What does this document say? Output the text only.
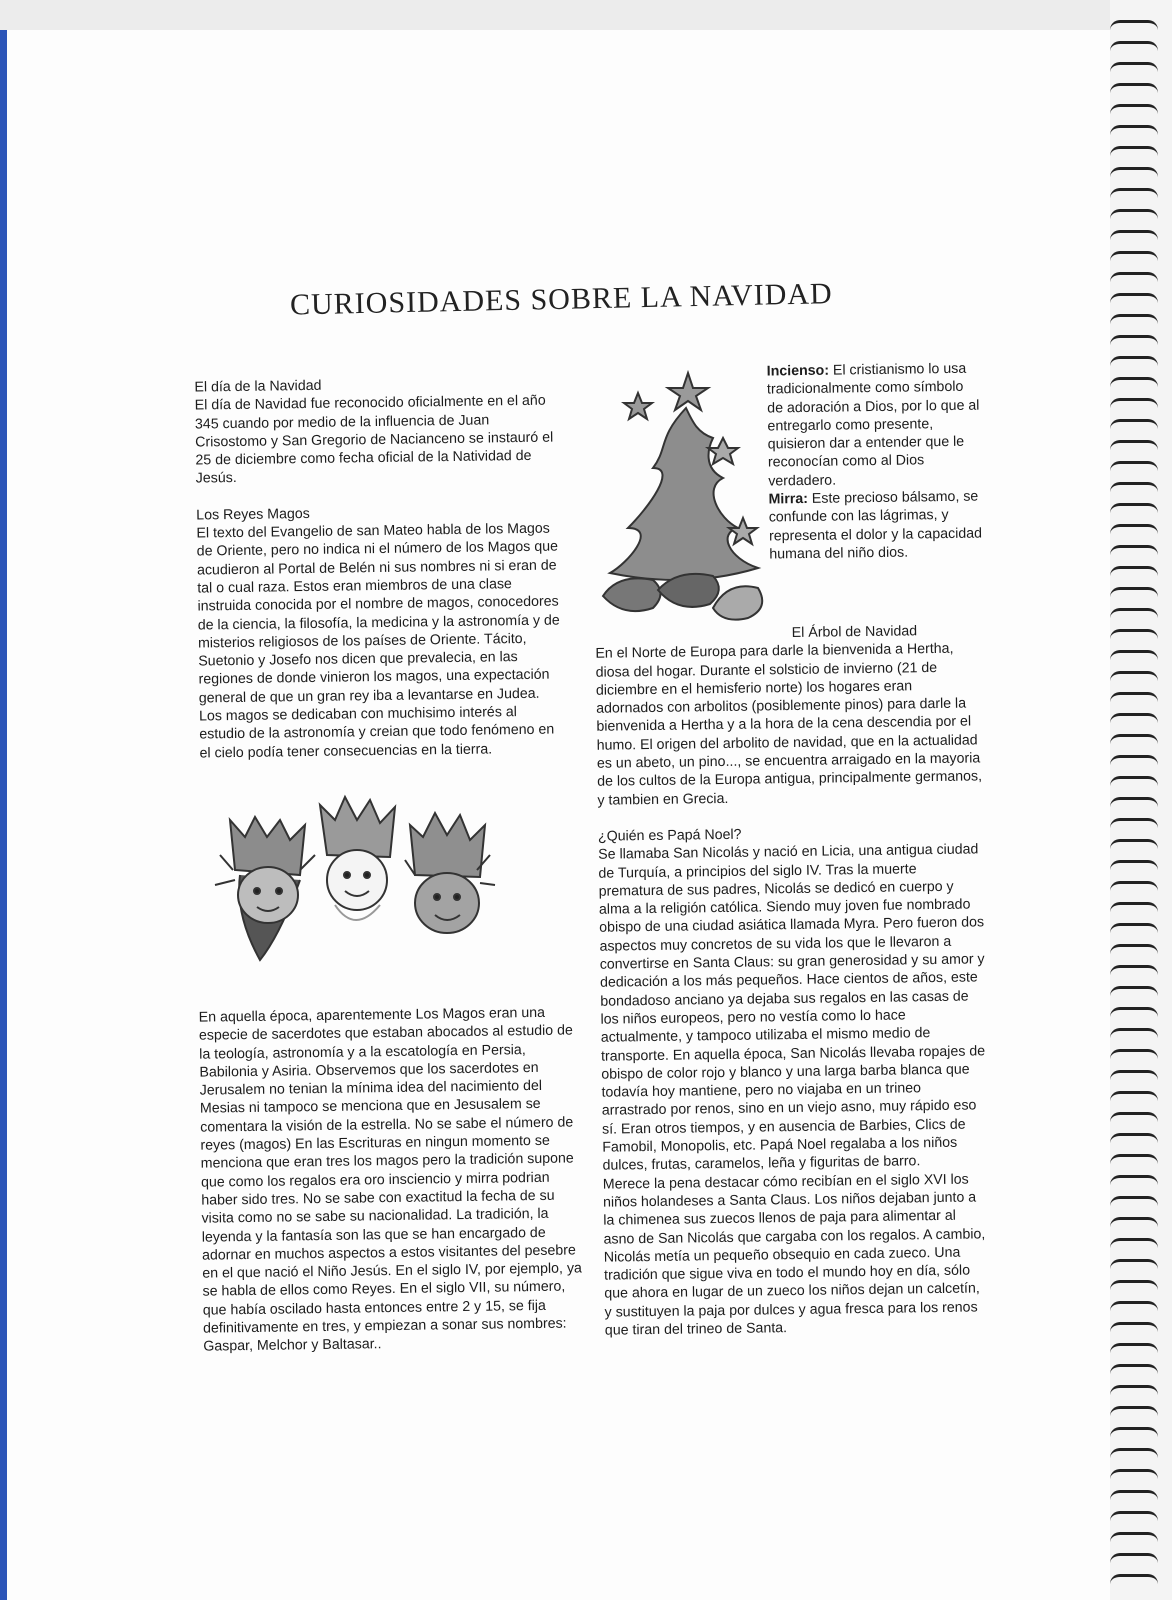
CURIOSIDADES SOBRE LA NAVIDAD
El día de la Navidad

El día de Navidad fue reconocido oficialmente en el año 345 cuando por medio de la influencia de Juan Crisostomo y San Gregorio de Nacianceno se instauró el 25 de diciembre como fecha oficial de la Natividad de Jesús.

Los Reyes Magos

El texto del Evangelio de san Mateo habla de los Magos de Oriente, pero no indica ni el número de los Magos que acudieron al Portal de Belén ni sus nombres ni si eran de tal o cual raza. Estos eran miembros de una clase instruida conocida por el nombre de magos, conocedores de la ciencia, la filosofía, la medicina y la astronomía y de misterios religiosos de los países de Oriente. Tácito, Suetonio y Josefo nos dicen que prevalecia, en las regiones de donde vinieron los magos, una expectación general de que un gran rey iba a levantarse en Judea. Los magos se dedicaban con muchisimo interés al estudio de la astronomía y creian que todo fenómeno en el cielo podía tener consecuencias en la tierra.

En aquella época, aparentemente Los Magos eran una especie de sacerdotes que estaban abocados al estudio de la teología, astronomía y a la escatología en Persia, Babilonia y Asiria. Observemos que los sacerdotes en Jerusalem no tenian la mínima idea del nacimiento del Mesias ni tampoco se menciona que en Jesusalem se comentara la visión de la estrella. No se sabe el número de reyes (magos) En las Escrituras en ningun momento se menciona que eran tres los magos pero la tradición supone que como los regalos era oro insciencio y mirra podrian haber sido tres. No se sabe con exactitud la fecha de su visita como no se sabe su nacionalidad. La tradición, la leyenda y la fantasía son las que se han encargado de adornar en muchos aspectos a estos visitantes del pesebre en el que nació el Niño Jesús. En el siglo IV, por ejemplo, ya se habla de ellos como Reyes. En el siglo VII, su número, que había oscilado hasta entonces entre 2 y 15, se fija definitivamente en tres, y empiezan a sonar sus nombres: Gaspar, Melchor y Baltasar..

Incienso: El cristianismo lo usa tradicionalmente como símbolo de adoración a Dios, por lo que al entregarlo como presente, quisieron dar a entender que le reconocían como al Dios verdadero.

Mirra: Este precioso bálsamo, se confunde con las lágrimas, y representa el dolor y la capacidad humana del niño dios.

El Árbol de Navidad

En el Norte de Europa para darle la bienvenida a Hertha, diosa del hogar. Durante el solsticio de invierno (21 de diciembre en el hemisferio norte) los hogares eran adornados con arbolitos (posiblemente pinos) para darle la bienvenida a Hertha y a la hora de la cena descendia por el humo. El origen del arbolito de navidad, que en la actualidad es un abeto, un pino..., se encuentra arraigado en la mayoria de los cultos de la Europa antigua, principalmente germanos, y tambien en Grecia.

¿Quién es Papá Noel?

Se llamaba San Nicolás y nació en Licia, una antigua ciudad de Turquía, a principios del siglo IV. Tras la muerte prematura de sus padres, Nicolás se dedicó en cuerpo y alma a la religión católica. Siendo muy joven fue nombrado obispo de una ciudad asiática llamada Myra. Pero fueron dos aspectos muy concretos de su vida los que le llevaron a convertirse en Santa Claus: su gran generosidad y su amor y dedicación a los más pequeños. Hace cientos de años, este bondadoso anciano ya dejaba sus regalos en las casas de los niños europeos, pero no vestía como lo hace actualmente, y tampoco utilizaba el mismo medio de transporte. En aquella época, San Nicolás llevaba ropajes de obispo de color rojo y blanco y una larga barba blanca que todavía hoy mantiene, pero no viajaba en un trineo arrastrado por renos, sino en un viejo asno, muy rápido eso sí. Eran otros tiempos, y en ausencia de Barbies, Clics de Famobil, Monopolis, etc. Papá Noel regalaba a los niños dulces, frutas, caramelos, leña y figuritas de barro.

Merece la pena destacar cómo recibían en el siglo XVI los niños holandeses a Santa Claus. Los niños dejaban junto a la chimenea sus zuecos llenos de paja para alimentar al asno de San Nicolás que cargaba con los regalos. A cambio, Nicolás metía un pequeño obsequio en cada zueco. Una tradición que sigue viva en todo el mundo hoy en día, sólo que ahora en lugar de un zueco los niños dejan un calcetín, y sustituyen la paja por dulces y agua fresca para los renos que tiran del trineo de Santa.
